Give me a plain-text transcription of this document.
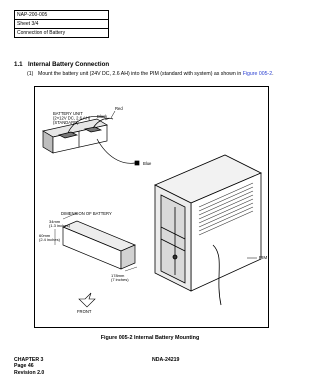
NAP-200-005
Sheet 3/4
Connection of Battery
1.1 Internal Battery Connection
(1) Mount the battery unit (24V DC, 2.6 AH) into the PIM (standard with system) as shown in Figure 005-2.
BATTERY UNIT
(2×12V DC, 2.6 AH)
(STANDARD)
Red
Black
Blue
PIM
DIMENSION OF BATTERY
34mm
(1.3 inches)
60mm
(2.4 inches)
178mm
(7 inches)
FRONT
Figure 005-2 Internal Battery Mounting
CHAPTER 3
Page 46
Revision 2.0
NDA-24219
